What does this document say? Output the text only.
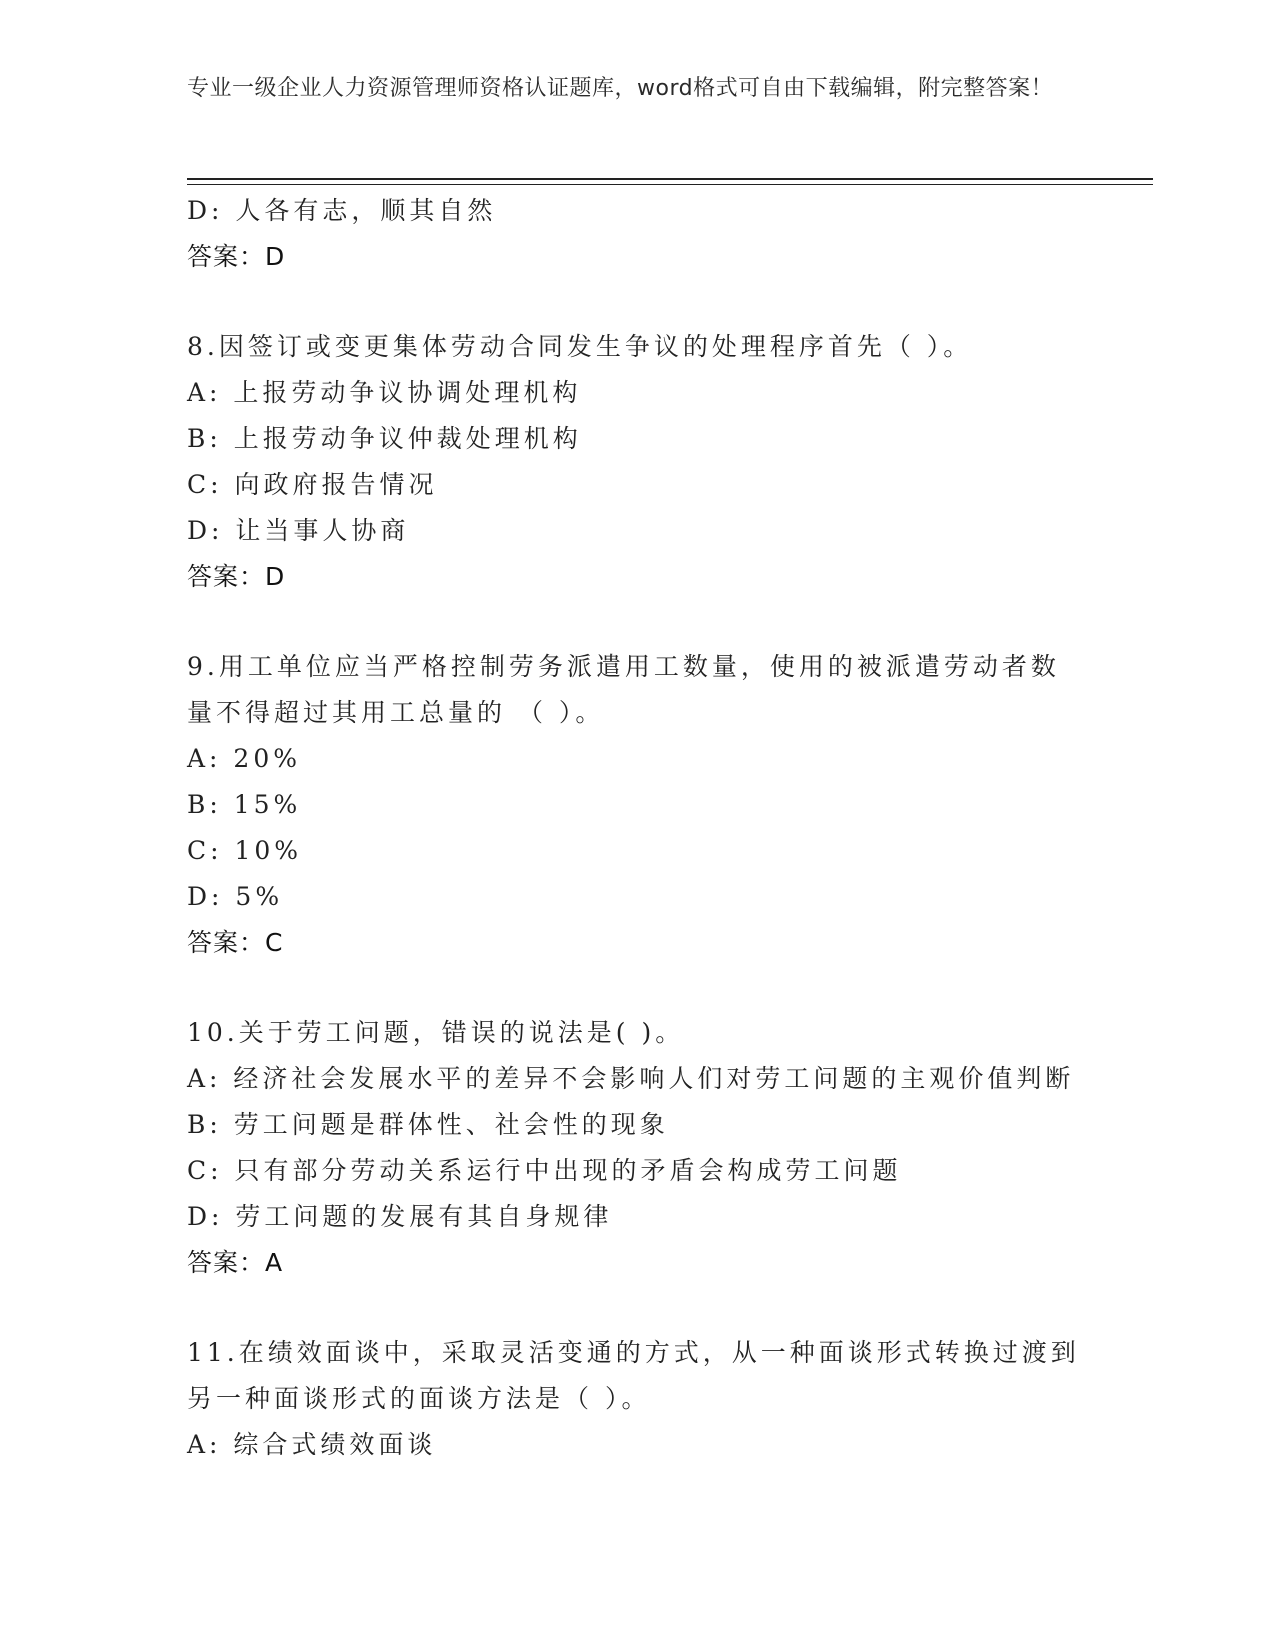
专业一级企业人力资源管理师资格认证题库，word格式可自由下载编辑，附完整答案！
D: 人各有志，顺其自然
答案：D
8.因签订或变更集体劳动合同发生争议的处理程序首先（ ）。
A: 上报劳动争议协调处理机构
B: 上报劳动争议仲裁处理机构
C: 向政府报告情况
D: 让当事人协商
答案：D
9.用工单位应当严格控制劳务派遣用工数量，使用的被派遣劳动者数
量不得超过其用工总量的 （ ）。
A: 20%
B: 15%
C: 10%
D: 5%
答案：C
10.关于劳工问题，错误的说法是( )。
A: 经济社会发展水平的差异不会影响人们对劳工问题的主观价值判断
B: 劳工问题是群体性、社会性的现象
C: 只有部分劳动关系运行中出现的矛盾会构成劳工问题
D: 劳工问题的发展有其自身规律
答案：A
11.在绩效面谈中，采取灵活变通的方式，从一种面谈形式转换过渡到
另一种面谈形式的面谈方法是（ ）。
A: 综合式绩效面谈
